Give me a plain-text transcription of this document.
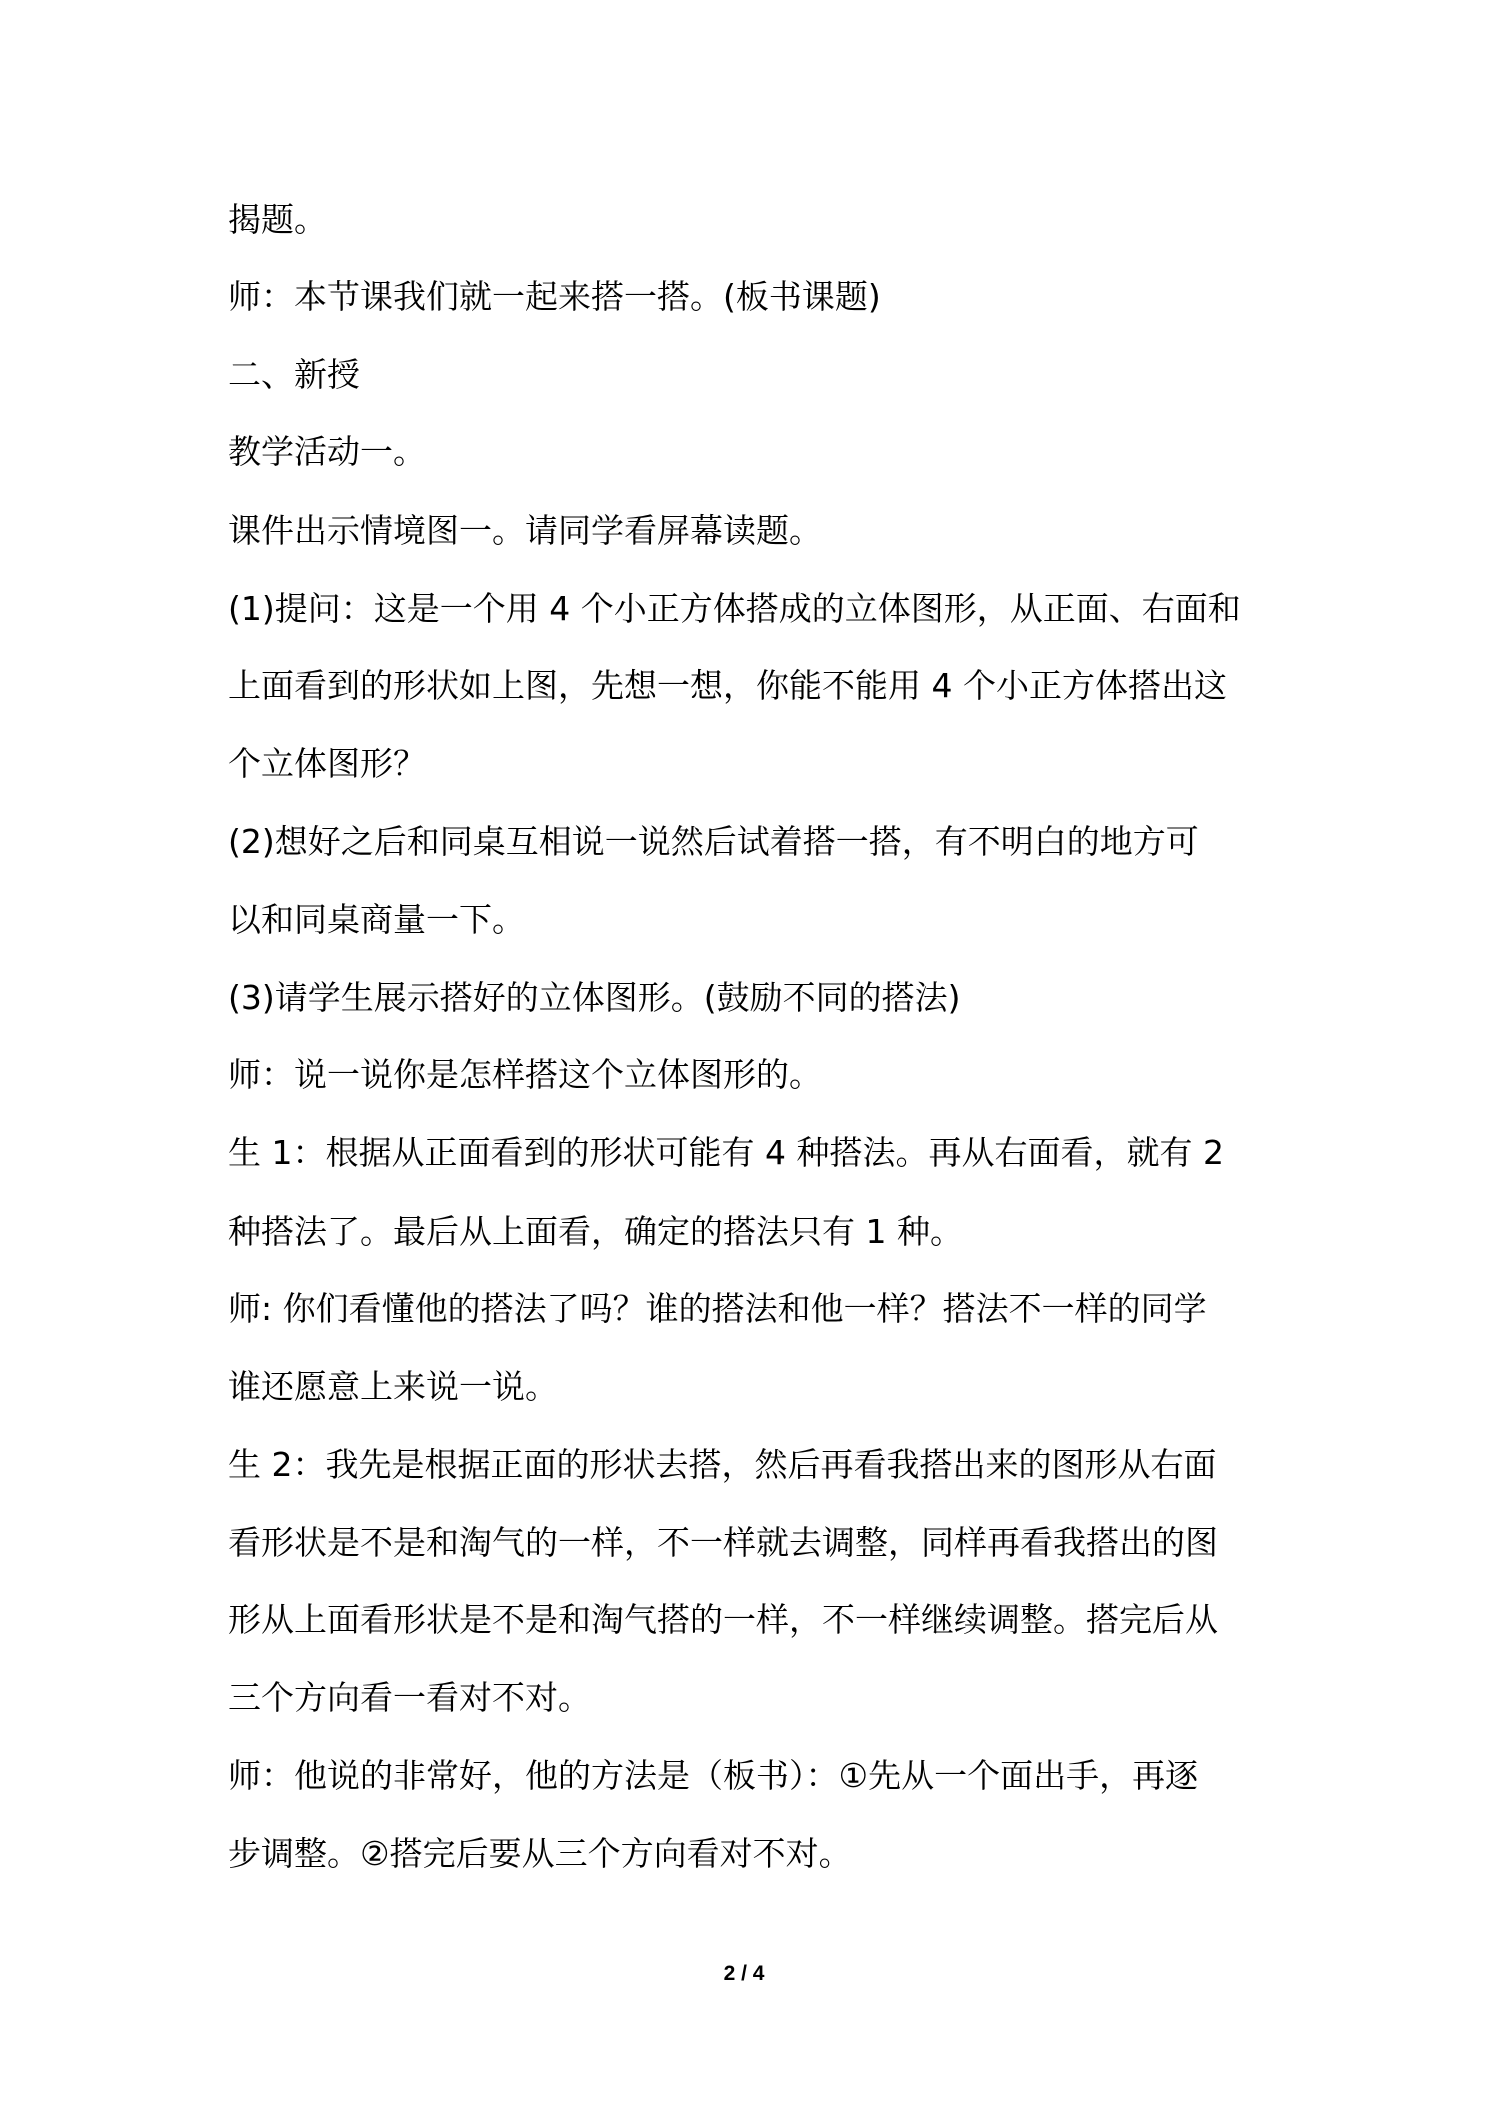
揭题。
师：本节课我们就一起来搭一搭。(板书课题)
二、新授
教学活动一。
课件出示情境图一。请同学看屏幕读题。
(1)提问：这是一个用 4 个小正方体搭成的立体图形，从正面、右面和
上面看到的形状如上图，先想一想，你能不能用 4 个小正方体搭出这
个立体图形？
(2)想好之后和同桌互相说一说然后试着搭一搭，有不明白的地方可
以和同桌商量一下。
(3)请学生展示搭好的立体图形。(鼓励不同的搭法)
师：说一说你是怎样搭这个立体图形的。
生 1：根据从正面看到的形状可能有 4 种搭法。再从右面看，就有 2
种搭法了。最后从上面看，确定的搭法只有 1 种。
师: 你们看懂他的搭法了吗？谁的搭法和他一样？搭法不一样的同学
谁还愿意上来说一说。
生 2：我先是根据正面的形状去搭，然后再看我搭出来的图形从右面
看形状是不是和淘气的一样，不一样就去调整，同样再看我搭出的图
形从上面看形状是不是和淘气搭的一样，不一样继续调整。搭完后从
三个方向看一看对不对。
师：他说的非常好，他的方法是（板书）：①先从一个面出手，再逐
步调整。②搭完后要从三个方向看对不对。
2 / 4
